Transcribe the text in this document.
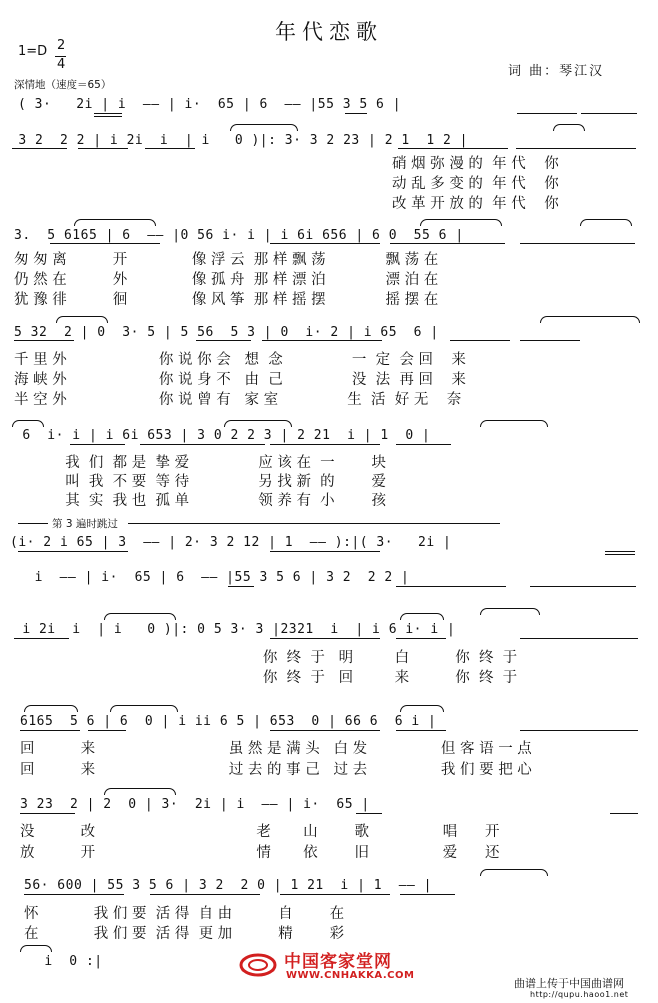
年代恋歌
1=D 2
4
深情地（速度＝65）
词 曲：琴江汉
( 3·   2i | i  —— | i·  65 | 6  —— |55 3 5 6 |
3 2  2 2 | i 2i  i  | i   0 )|: 3· 3 2 23 | 2 1  1 2 |
硝 烟 弥 漫 的  年 代    你
动 乱 多 变 的  年 代    你
改 革 开 放 的  年 代    你
3.  5 6165 | 6  —— |0 56 i· i | i 6i 656 | 6 0  55 6 |
匆 匆 离          开              像 浮 云  那 样 飘 荡             飘 荡 在
仍 然 在          外              像 孤 舟  那 样 漂 泊             漂 泊 在
犹 豫 徘          徊              像 风 筝  那 样 摇 摆             摇 摆 在
5 32  2 | 0  3· 5 | 5 56  5 3 | 0  i· 2 | i 65  6 |
千 里 外                    你 说 你 会   想  念               一  定  会 回    来
海 峡 外                    你 说 身 不   由  己               没  法  再 回    来
半 空 外                    你 说 曾 有   家 室               生  活  好 无    奈
6  i· i | i 6i 653 | 3 0 2 2 3 | 2 21  i | 1  0 |
我  们  都 是  挚 爱               应 该 在  一        块
叫  我  不 要  等 待               另 找 新  的        爱
其  实  我 也  孤 单               领 养 有  小        孩
第 3 遍时跳过
(i· 2 i 65 | 3  —— | 2· 3 2 12 | 1  —— ):|( 3·   2i |
i  —— | i·  65 | 6  —— |55 3 5 6 | 3 2  2 2 |
i 2i  i  | i   0 )|: 0 5 3· 3 |2321  i  | i 6 i· i |
你  终  于   明         白          你  终  于
你  终  于   回         来          你  终  于
6165  5 6 | 6  0 | i ii 6 5 | 653  0 | 66 6  6 i |
回          来                             虽 然 是 满 头   白 发                但 客 语 一 点
回          来                             过 去 的 事 己   过 去                我 们 要 把 心
3 23  2 | 2  0 | 3·  2i | i  —— | i·  65 |
没          改                                   老       山        歌                唱      开
放          开                                   情       依        旧                爱      还
56· 600 | 55 3 5 6 | 3 2  2 0 | 1 21  i | 1  —— |
怀            我 们 要  活 得  自 由          自        在
在            我 们 要  活 得  更 加          精        彩
i  0 :|	中国客家堂网
WWW.CNHAKKA.COM
曲谱上传于中国曲谱网
http://qupu.haoo1.net
